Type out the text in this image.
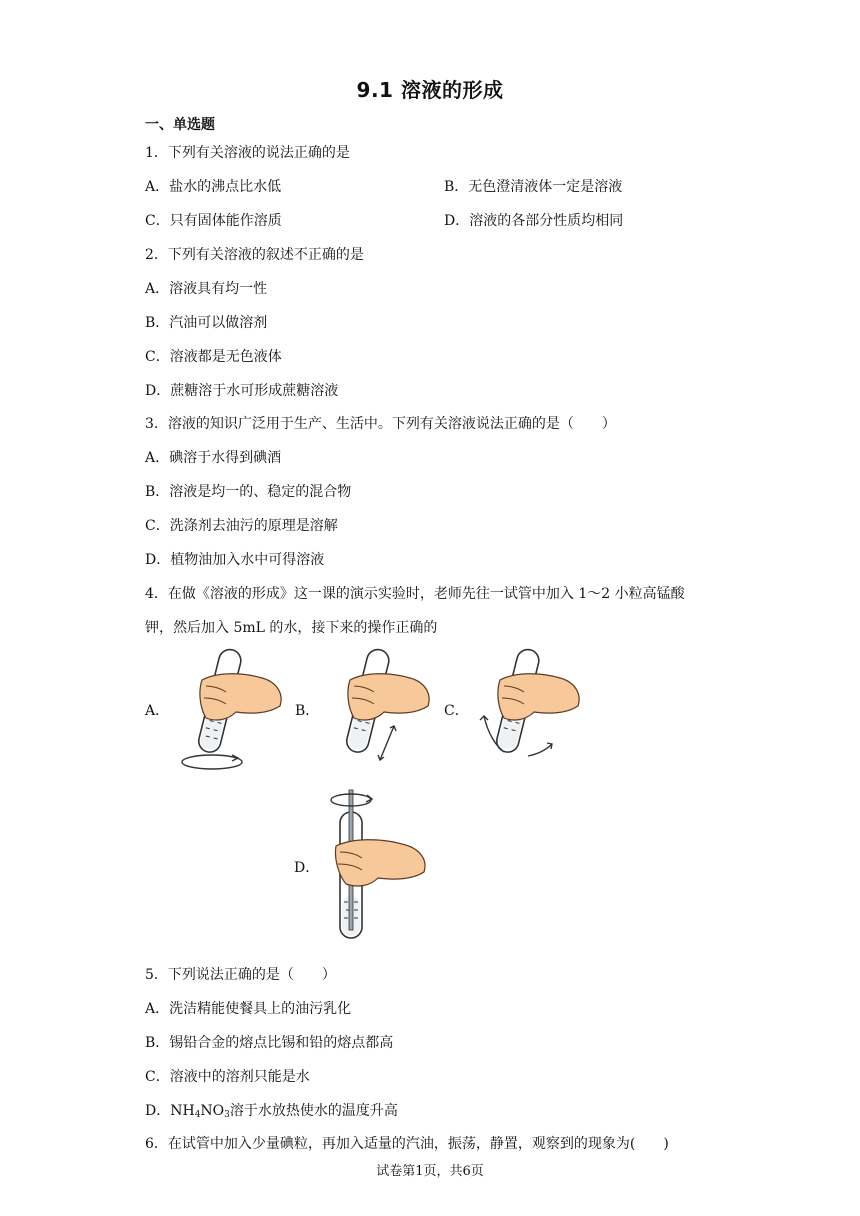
9.1 溶液的形成
一、单选题
1．下列有关溶液的说法正确的是
A．盐水的沸点比水低	B．无色澄清液体一定是溶液
C．只有固体能作溶质	D．溶液的各部分性质均相同
2．下列有关溶液的叙述不正确的是
A．溶液具有均一性
B．汽油可以做溶剂
C．溶液都是无色液体
D．蔗糖溶于水可形成蔗糖溶液
3．溶液的知识广泛用于生产、生活中。下列有关溶液说法正确的是（　　）
A．碘溶于水得到碘酒
B．溶液是均一的、稳定的混合物
C．洗涤剂去油污的原理是溶解
D．植物油加入水中可得溶液
4．在做《溶液的形成》这一课的演示实验时，老师先往一试管中加入 1～2 小粒高锰酸
钾，然后加入 5mL 的水，接下来的操作正确的
A．	B．	C．
D．
5．下列说法正确的是（　　）
A．洗洁精能使餐具上的油污乳化
B．锡铅合金的熔点比锡和铅的熔点都高
C．溶液中的溶剂只能是水
D．$NH_4NO_3$溶于水放热使水的温度升高
6．在试管中加入少量碘粒，再加入适量的汽油，振荡，静置，观察到的现象为(　　)
试卷第1页，共6页
